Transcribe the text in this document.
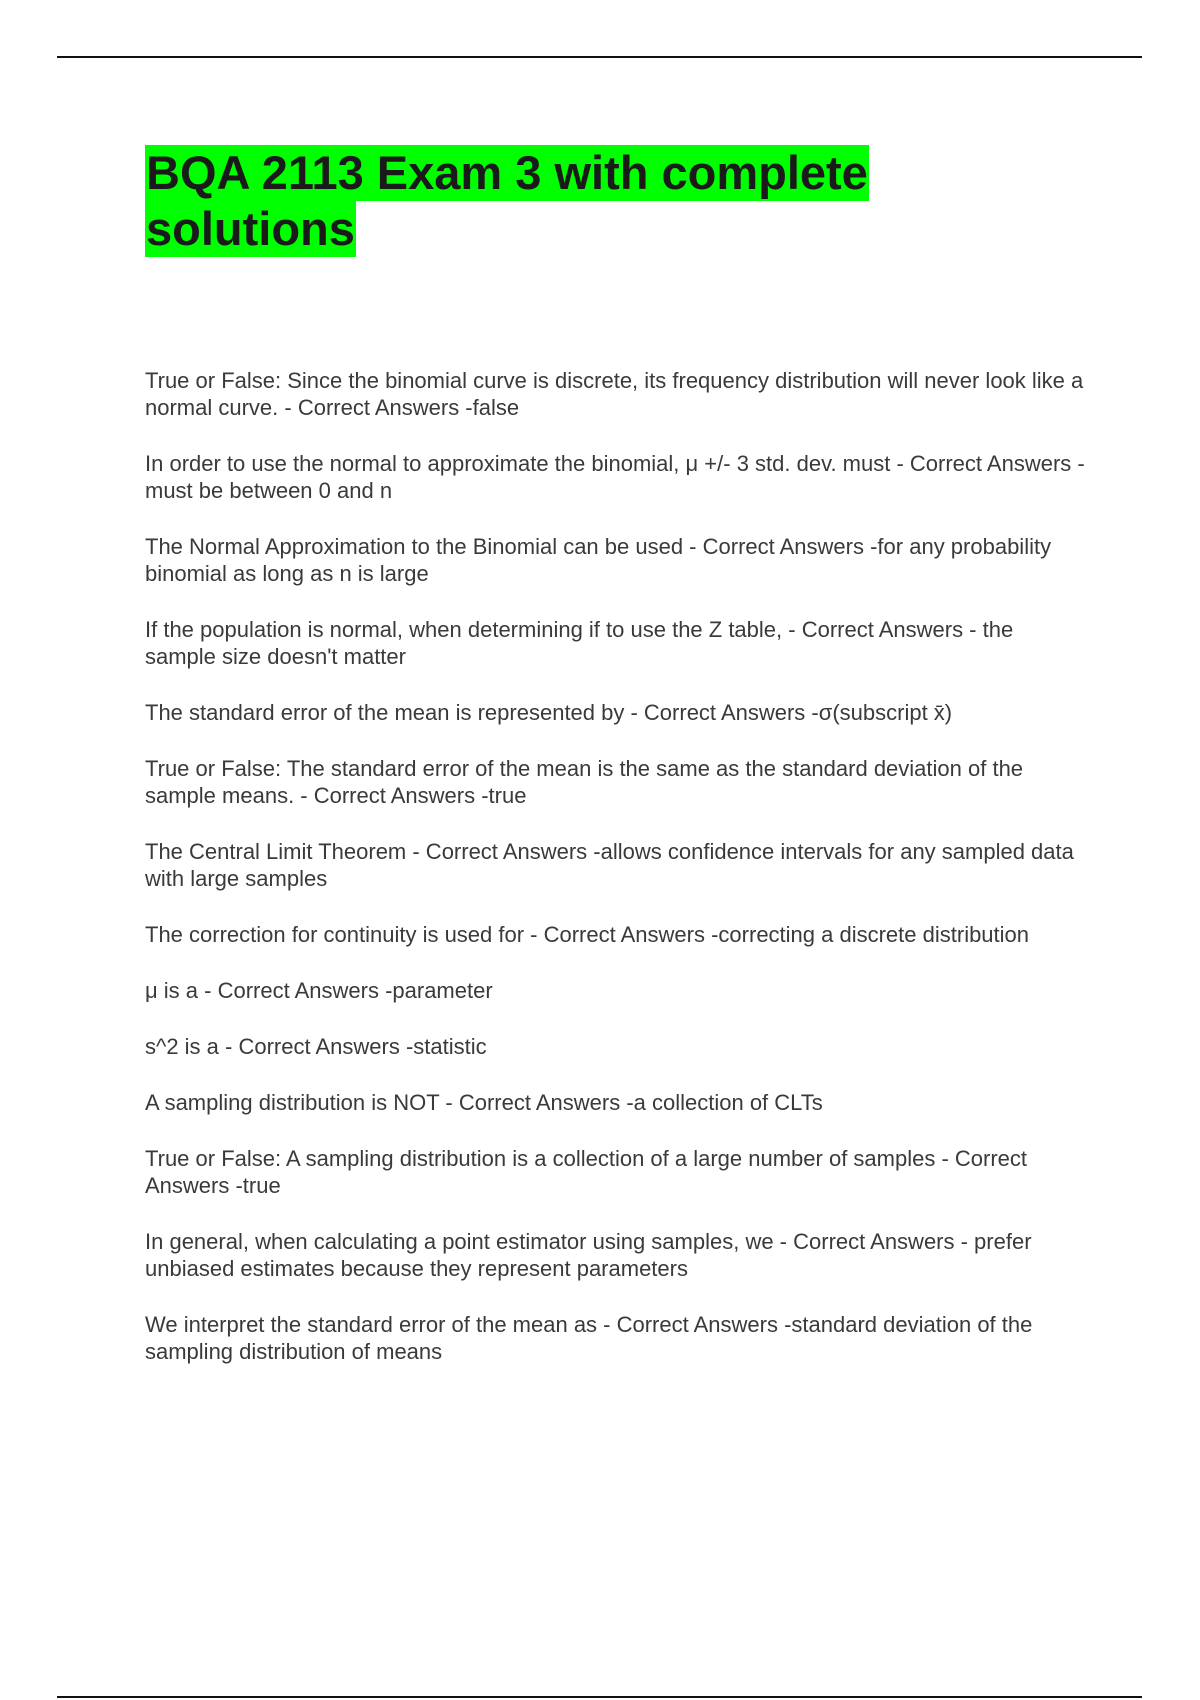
BQA 2113 Exam 3 with complete
solutions

True or False: Since the binomial curve is discrete, its frequency distribution will never look like a normal curve. - Correct Answers -false

In order to use the normal to approximate the binomial, μ +/- 3 std. dev. must - Correct Answers -must be between 0 and n

The Normal Approximation to the Binomial can be used - Correct Answers -for any probability binomial as long as n is large

If the population is normal, when determining if to use the Z table, - Correct Answers - the sample size doesn't matter

The standard error of the mean is represented by - Correct Answers -σ(subscript x̄)

True or False: The standard error of the mean is the same as the standard deviation of the sample means. - Correct Answers -true

The Central Limit Theorem - Correct Answers -allows confidence intervals for any sampled data with large samples

The correction for continuity is used for - Correct Answers -correcting a discrete distribution

μ is a - Correct Answers -parameter

s^2 is a - Correct Answers -statistic

A sampling distribution is NOT - Correct Answers -a collection of CLTs

True or False: A sampling distribution is a collection of a large number of samples - Correct Answers -true

In general, when calculating a point estimator using samples, we - Correct Answers - prefer unbiased estimates because they represent parameters

We interpret the standard error of the mean as - Correct Answers -standard deviation of the sampling distribution of means
